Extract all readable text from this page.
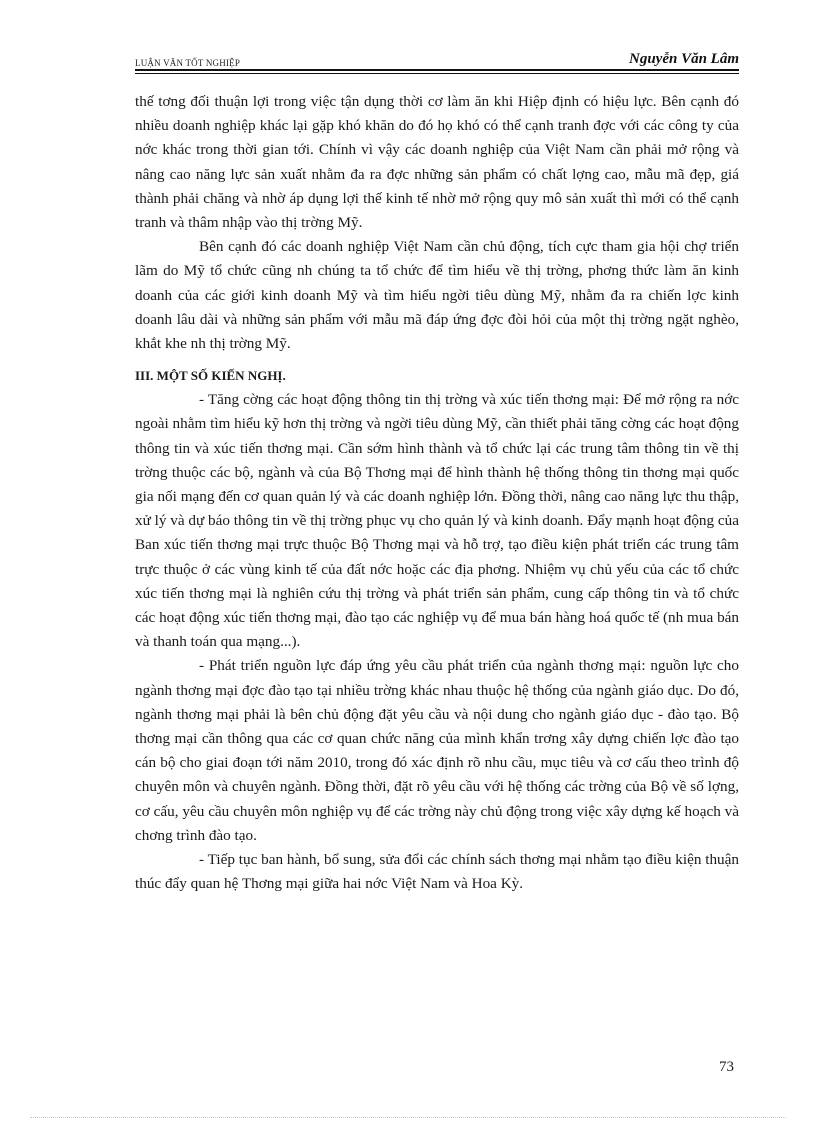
LUẬN VĂN TỐT NGHIỆP	Nguyễn Văn Lâm

thế tơng đối thuận lợi trong việc tận dụng thời cơ làm ăn khi Hiệp định có hiệu lực. Bên cạnh đó nhiều doanh nghiệp khác lại gặp khó khăn do đó họ khó có thể cạnh tranh đợc với các công ty của nớc khác trong thời gian tới. Chính vì vậy các doanh nghiệp của Việt Nam cần phải mở rộng và nâng cao năng lực sản xuất nhằm đa ra đợc những sản phẩm có chất lợng cao, mẫu mã đẹp, giá thành phải chăng và nhờ áp dụng lợi thế kinh tế nhờ mở rộng quy mô sản xuất thì mới có thể cạnh tranh và thâm nhập vào thị trờng Mỹ.

Bên cạnh đó các doanh nghiệp Việt Nam cần chủ động, tích cực tham gia hội chợ triển lãm do Mỹ tổ chức cũng nh chúng ta tổ chức để tìm hiểu về thị trờng, phơng thức làm ăn kinh doanh của các giới kinh doanh Mỹ và tìm hiểu ngời tiêu dùng Mỹ, nhằm đa ra chiến lợc kinh doanh lâu dài và những sản phẩm với mẫu mã đáp ứng đợc đòi hỏi của một thị trờng ngặt nghèo, khắt khe nh thị trờng Mỹ.

III. MỘT SỐ KIẾN NGHỊ.

- Tăng cờng các hoạt động thông tin thị trờng và xúc tiến thơng mại: Để mở rộng ra nớc ngoài nhằm tìm hiểu kỹ hơn thị trờng và ngời tiêu dùng Mỹ, cần thiết phải tăng cờng các hoạt động thông tin và xúc tiến thơng mại. Cần sớm hình thành và tổ chức lại các trung tâm thông tin về thị trờng thuộc các bộ, ngành và của Bộ Thơng mại để hình thành hệ thống thông tin thơng mại quốc gia nối mạng đến cơ quan quản lý và các doanh nghiệp lớn. Đồng thời, nâng cao năng lực thu thập, xử lý và dự báo thông tin về thị trờng phục vụ cho quản lý và kinh doanh. Đẩy mạnh hoạt động của Ban xúc tiến thơng mại trực thuộc Bộ Thơng mại và hỗ trợ, tạo điều kiện phát triển các trung tâm trực thuộc ở các vùng kinh tế của đất nớc hoặc các địa phơng. Nhiệm vụ chủ yếu của các tổ chức xúc tiến thơng mại là nghiên cứu thị trờng và phát triển sản phẩm, cung cấp thông tin và tổ chức các hoạt động xúc tiến thơng mại, đào tạo các nghiệp vụ để mua bán hàng hoá quốc tế (nh mua bán và thanh toán qua mạng...).

- Phát triển nguồn lực đáp ứng yêu cầu phát triển của ngành thơng mại: nguồn lực cho ngành thơng mại đợc đào tạo tại nhiều trờng khác nhau thuộc hệ thống của ngành giáo dục. Do đó, ngành thơng mại phải là bên chủ động đặt yêu cầu và nội dung cho ngành giáo dục - đào tạo. Bộ thơng mại cần thông qua các cơ quan chức năng của mình khẩn trơng xây dựng chiến lợc đào tạo cán bộ cho giai đoạn tới năm 2010, trong đó xác định rõ nhu cầu, mục tiêu và cơ cấu theo trình độ chuyên môn và chuyên ngành. Đồng thời, đặt rõ yêu cầu với hệ thống các trờng của Bộ về số lợng, cơ cấu, yêu cầu chuyên môn nghiệp vụ để các trờng này chủ động trong việc xây dựng kế hoạch và chơng trình đào tạo.

- Tiếp tục ban hành, bổ sung, sửa đổi các chính sách thơng mại nhằm tạo điều kiện thuận thúc đẩy quan hệ Thơng mại giữa hai nớc Việt Nam và Hoa Kỳ.

73
